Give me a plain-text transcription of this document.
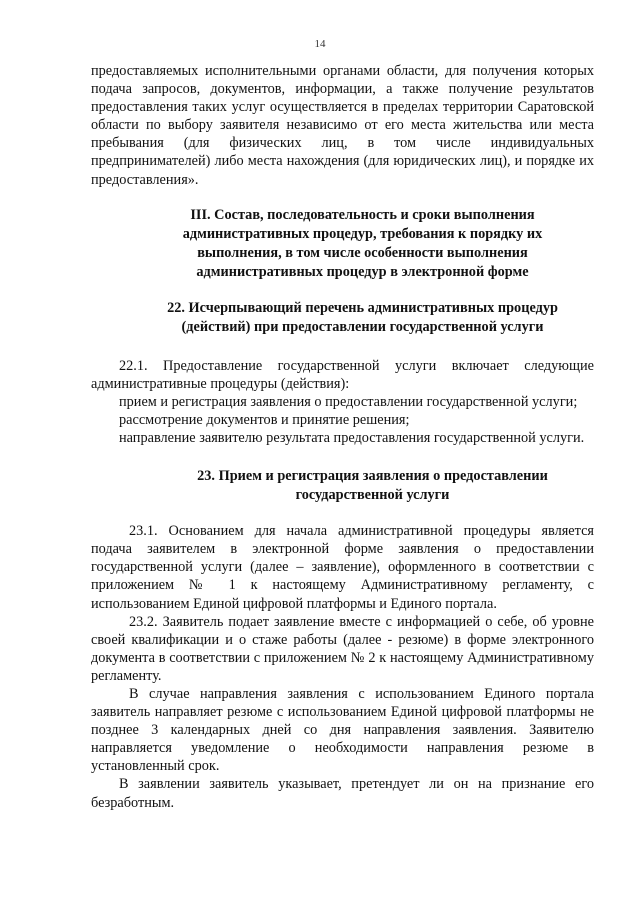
14

предоставляемых исполнительными органами области, для получения которых подача запросов, документов, информации, а также получение результатов предоставления таких услуг осуществляется в пределах территории Саратовской области по выбору заявителя независимо от его места жительства или места пребывания (для физических лиц, в том числе индивидуальных предпринимателей) либо места нахождения (для юридических лиц), и порядке их предоставления».

III. Состав, последовательность и сроки выполнения административных процедур, требования к порядку их выполнения, в том числе особенности выполнения административных процедур в электронной форме

22. Исчерпывающий перечень административных процедур (действий) при предоставлении государственной услуги

22.1. Предоставление государственной услуги включает следующие административные процедуры (действия):

прием и регистрация заявления о предоставлении государственной услуги;

рассмотрение документов и принятие решения;

направление заявителю результата предоставления государственной услуги.

23. Прием и регистрация заявления о предоставлении государственной услуги

23.1. Основанием для начала административной процедуры является подача заявителем в электронной форме заявления о предоставлении государственной услуги (далее – заявление), оформленного в соответствии с приложением № 1 к настоящему Административному регламенту, с использованием Единой цифровой платформы и Единого портала.

23.2. Заявитель подает заявление вместе с информацией о себе, об уровне своей квалификации и о стаже работы (далее - резюме) в форме электронного документа в соответствии с приложением № 2 к настоящему Административному регламенту.

В случае направления заявления с использованием Единого портала заявитель направляет резюме с использованием Единой цифровой платформы не позднее 3 календарных дней со дня направления заявления. Заявителю направляется уведомление о необходимости направления резюме в установленный срок.

В заявлении заявитель указывает, претендует ли он на признание его безработным.
